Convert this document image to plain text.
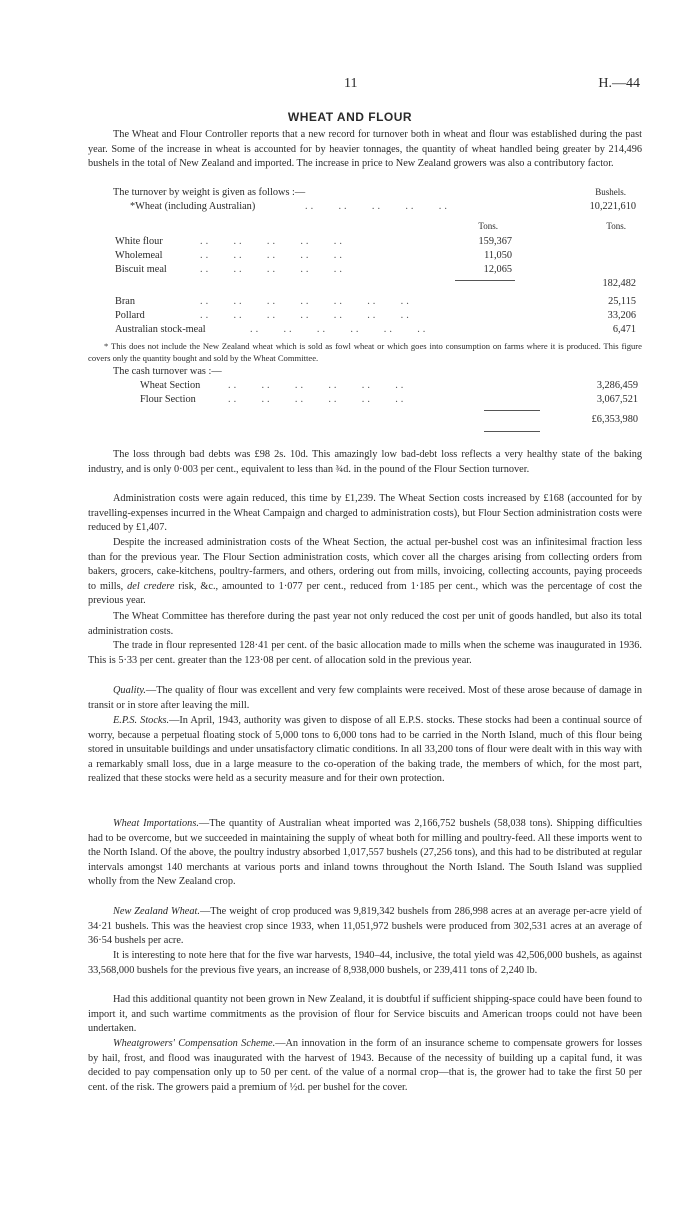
11	H.—44
WHEAT AND FLOUR

The Wheat and Flour Controller reports that a new record for turnover both in wheat and flour was established during the past year. Some of the increase in wheat is accounted for by heavier tonnages, the quantity of wheat handled being greater by 214,496 bushels in the total of New Zealand and imported. The increase in price to New Zealand growers was also a contributory factor.

The turnover by weight is given as follows :—	Bushels.
*Wheat (including Australian)	..    ..    ..    ..    ..	10,221,610
Tons.	Tons.
White flour	..    ..    ..    ..    ..	159,367
Wholemeal	..    ..    ..    ..    ..	11,050
Biscuit meal	..    ..    ..    ..    ..	12,065
182,482
Bran	..    ..    ..    ..    ..    ..    ..	25,115
Pollard	..    ..    ..    ..    ..    ..    ..	33,206
Australian stock-meal	..    ..    ..    ..    ..    ..	6,471

* This does not include the New Zealand wheat which is sold as fowl wheat or which goes into consumption on farms where it is produced. This figure covers only the quantity bought and sold by the Wheat Committee.

The cash turnover was :—
Wheat Section	..    ..    ..    ..    ..    ..	3,286,459
Flour Section	..    ..    ..    ..    ..    ..	3,067,521
£6,353,980

The loss through bad debts was £98 2s. 10d. This amazingly low bad-debt loss reflects a very healthy state of the baking industry, and is only 0·003 per cent., equivalent to less than ¾d. in the pound of the Flour Section turnover.

Administration costs were again reduced, this time by £1,239. The Wheat Section costs increased by £168 (accounted for by travelling-expenses incurred in the Wheat Campaign and charged to administration costs), but Flour Section administration costs were reduced by £1,407.

Despite the increased administration costs of the Wheat Section, the actual per-bushel cost was an infinitesimal fraction less than for the previous year. The Flour Section administration costs, which cover all the charges arising from collecting orders from bakers, grocers, cake-kitchens, poultry-farmers, and others, ordering out from mills, invoicing, collecting accounts, paying proceeds to mills, del credere risk, &c., amounted to 1·077 per cent., reduced from 1·185 per cent., which was the percentage of cost the previous year.

The Wheat Committee has therefore during the past year not only reduced the cost per unit of goods handled, but also its total administration costs.

The trade in flour represented 128·41 per cent. of the basic allocation made to mills when the scheme was inaugurated in 1936. This is 5·33 per cent. greater than the 123·08 per cent. of allocation sold in the previous year.

Quality.—The quality of flour was excellent and very few complaints were received. Most of these arose because of damage in transit or in store after leaving the mill.

E.P.S. Stocks.—In April, 1943, authority was given to dispose of all E.P.S. stocks. These stocks had been a continual source of worry, because a perpetual floating stock of 5,000 tons to 6,000 tons had to be carried in the North Island, much of this flour being stored in unsuitable buildings and under unsatisfactory climatic conditions. In all 33,200 tons of flour were dealt with in this way with a remarkably small loss, due in a large measure to the co-operation of the baking trade, the members of which, for the most part, realized that these stocks were held as a security measure and for their own protection.

Wheat Importations.—The quantity of Australian wheat imported was 2,166,752 bushels (58,038 tons). Shipping difficulties had to be overcome, but we succeeded in maintaining the supply of wheat both for milling and poultry-feed. All these imports went to the North Island. Of the above, the poultry industry absorbed 1,017,557 bushels (27,256 tons), and this had to be distributed at regular intervals amongst 140 merchants at various ports and inland towns throughout the North Island. The South Island was supplied wholly from the New Zealand crop.

New Zealand Wheat.—The weight of crop produced was 9,819,342 bushels from 286,998 acres at an average per-acre yield of 34·21 bushels. This was the heaviest crop since 1933, when 11,051,972 bushels were produced from 302,531 acres at an average of 36·54 bushels per acre.

It is interesting to note here that for the five war harvests, 1940–44, inclusive, the total yield was 42,506,000 bushels, as against 33,568,000 bushels for the previous five years, an increase of 8,938,000 bushels, or 239,411 tons of 2,240 lb.

Had this additional quantity not been grown in New Zealand, it is doubtful if sufficient shipping-space could have been found to import it, and such wartime commitments as the provision of flour for Service biscuits and American troops could not have been undertaken.

Wheatgrowers' Compensation Scheme.—An innovation in the form of an insurance scheme to compensate growers for losses by hail, frost, and flood was inaugurated with the harvest of 1943. Because of the necessity of building up a capital fund, it was decided to pay compensation only up to 50 per cent. of the value of a normal crop—that is, the grower had to take the first 50 per cent. of the risk. The growers paid a premium of ½d. per bushel for the cover.
